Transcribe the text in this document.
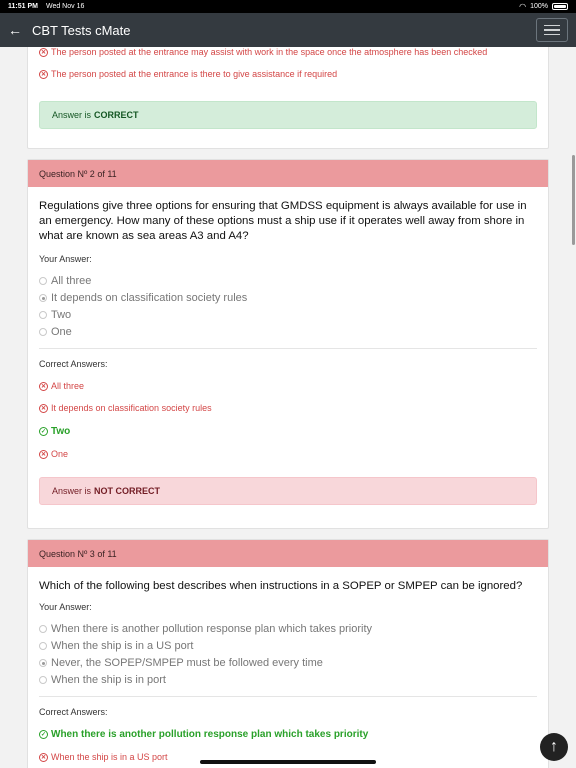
11:51 PM Wed Nov 16	◠ 100%
← CBT Tests cMate
✕ The person posted at the entrance may assist with work in the space once the atmosphere has been checked
✕ The person posted at the entrance is there to give assistance if required
Answer is CORRECT
Question Nº 2 of 11
Regulations give three options for ensuring that GMDSS equipment is always available for use in an emergency. How many of these options must a ship use if it operates well away from shore in what are known as sea areas A3 and A4?
Your Answer:
All three
It depends on classification society rules
Two
One
Correct Answers:
✕ All three
✕ It depends on classification society rules
✓ Two
✕ One
Answer is NOT CORRECT
Question Nº 3 of 11
Which of the following best describes when instructions in a SOPEP or SMPEP can be ignored?
Your Answer:
When there is another pollution response plan which takes priority
When the ship is in a US port
Never, the SOPEP/SMPEP must be followed every time
When the ship is in port
Correct Answers:
✓ When there is another pollution response plan which takes priority
✕ When the ship is in a US port
↑
